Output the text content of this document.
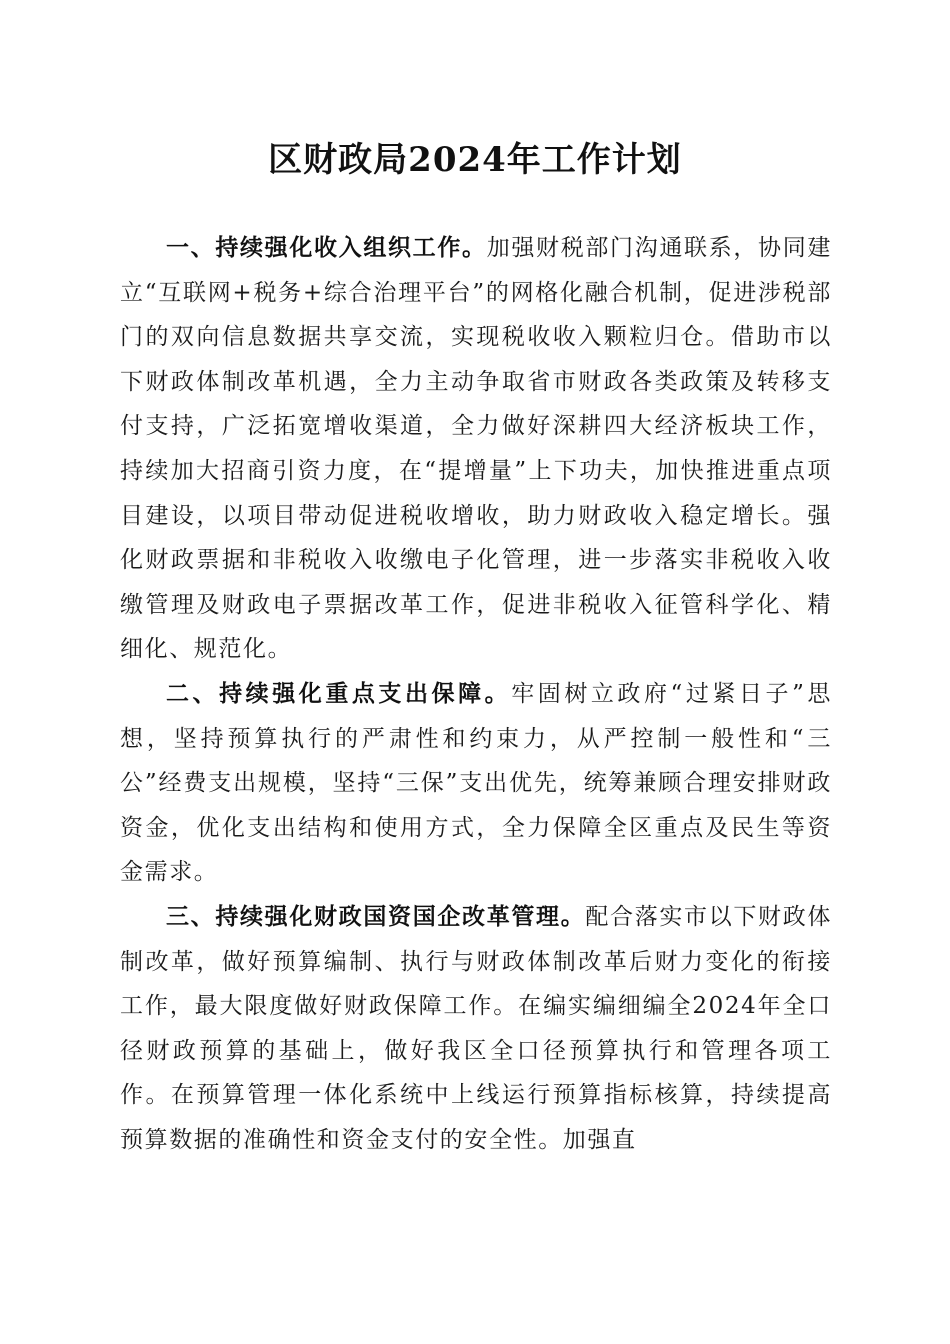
区财政局2024年工作计划

一、持续强化收入组织工作。加强财税部门沟通联系，协同建立“互联网+税务+综合治理平台”的网格化融合机制，促进涉税部门的双向信息数据共享交流，实现税收收入颗粒归仓。借助市以下财政体制改革机遇，全力主动争取省市财政各类政策及转移支付支持，广泛拓宽增收渠道，全力做好深耕四大经济板块工作，持续加大招商引资力度，在“提增量”上下功夫，加快推进重点项目建设，以项目带动促进税收增收，助力财政收入稳定增长。强化财政票据和非税收入收缴电子化管理，进一步落实非税收入收缴管理及财政电子票据改革工作，促进非税收入征管科学化、精细化、规范化。

二、持续强化重点支出保障。牢固树立政府“过紧日子”思想，坚持预算执行的严肃性和约束力，从严控制一般性和“三公”经费支出规模，坚持“三保”支出优先，统筹兼顾合理安排财政资金，优化支出结构和使用方式，全力保障全区重点及民生等资金需求。

三、持续强化财政国资国企改革管理。配合落实市以下财政体制改革，做好预算编制、执行与财政体制改革后财力变化的衔接工作，最大限度做好财政保障工作。在编实编细编全2024年全口径财政预算的基础上，做好我区全口径预算执行和管理各项工作。在预算管理一体化系统中上线运行预算指标核算，持续提高预算数据的准确性和资金支付的安全性。加强直
